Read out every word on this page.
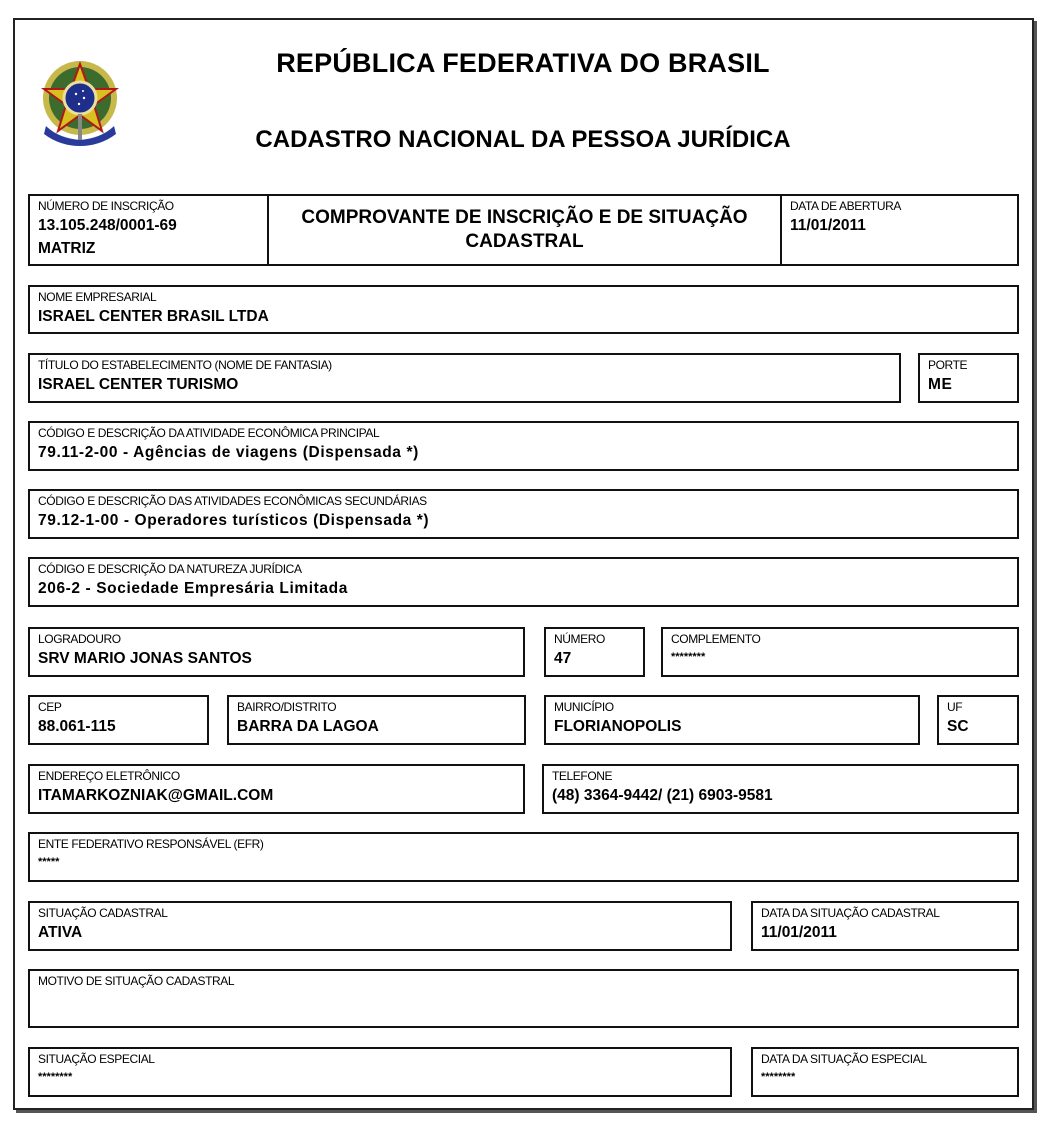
REPÚBLICA FEDERATIVA DO BRASIL
CADASTRO NACIONAL DA PESSOA JURÍDICA
NÚMERO DE INSCRIÇÃO
13.105.248/0001-69
MATRIZ
COMPROVANTE DE INSCRIÇÃO E DE SITUAÇÃO
CADASTRAL
DATA DE ABERTURA
11/01/2011
NOME EMPRESARIAL
ISRAEL CENTER BRASIL LTDA
TÍTULO DO ESTABELECIMENTO (NOME DE FANTASIA)
ISRAEL CENTER TURISMO
PORTE
ME
CÓDIGO E DESCRIÇÃO DA ATIVIDADE ECONÔMICA PRINCIPAL
79.11-2-00 - Agências de viagens (Dispensada *)
CÓDIGO E DESCRIÇÃO DAS ATIVIDADES ECONÔMICAS SECUNDÁRIAS
79.12-1-00 - Operadores turísticos (Dispensada *)
CÓDIGO E DESCRIÇÃO DA NATUREZA JURÍDICA
206-2 - Sociedade Empresária Limitada
LOGRADOURO
SRV MARIO JONAS SANTOS
NÚMERO
47
COMPLEMENTO
********
CEP
88.061-115
BAIRRO/DISTRITO
BARRA DA LAGOA
MUNICÍPIO
FLORIANOPOLIS
UF
SC
ENDEREÇO ELETRÔNICO
ITAMARKOZNIAK@GMAIL.COM
TELEFONE
(48) 3364-9442/ (21) 6903-9581
ENTE FEDERATIVO RESPONSÁVEL (EFR)
*****
SITUAÇÃO CADASTRAL
ATIVA
DATA DA SITUAÇÃO CADASTRAL
11/01/2011
MOTIVO DE SITUAÇÃO CADASTRAL
SITUAÇÃO ESPECIAL
********
DATA DA SITUAÇÃO ESPECIAL
********
